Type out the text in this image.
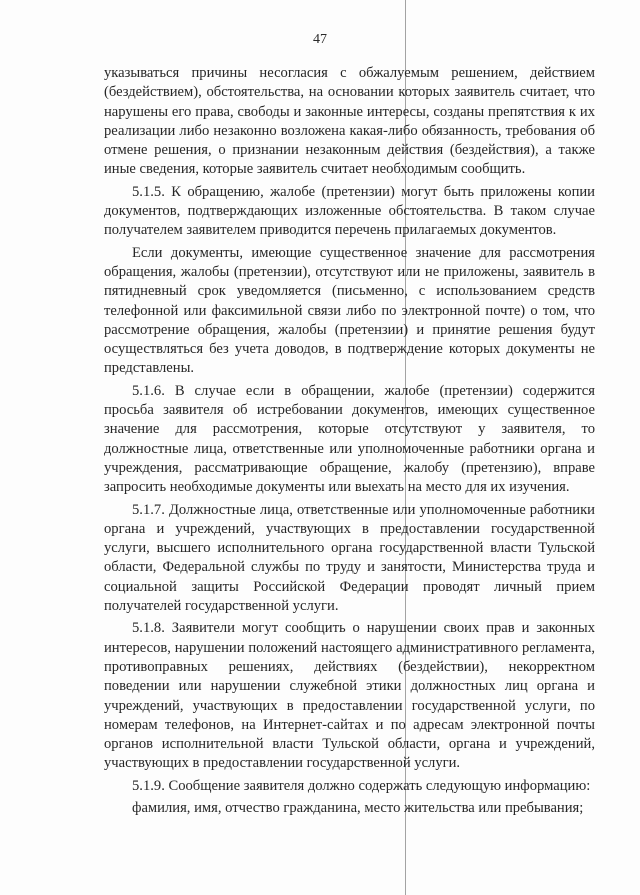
47

указываться причины несогласия с обжалуемым решением, действием (бездействием), обстоятельства, на основании которых заявитель считает, что нарушены его права, свободы и законные интересы, созданы препятствия к их реализации либо незаконно возложена какая-либо обязанность, требования об отмене решения, о признании незаконным действия (бездействия), а также иные сведения, которые заявитель считает необходимым сообщить.

5.1.5. К обращению, жалобе (претензии) могут быть приложены копии документов, подтверждающих изложенные обстоятельства. В таком случае получателем заявителем приводится перечень прилагаемых документов.

Если документы, имеющие существенное значение для рассмотрения обращения, жалобы (претензии), отсутствуют или не приложены, заявитель в пятидневный срок уведомляется (письменно, с использованием средств телефонной или факсимильной связи либо по электронной почте) о том, что рассмотрение обращения, жалобы (претензии) и принятие решения будут осуществляться без учета доводов, в подтверждение которых документы не представлены.

5.1.6. В случае если в обращении, жалобе (претензии) содержится просьба заявителя об истребовании документов, имеющих существенное значение для рассмотрения, которые отсутствуют у заявителя, то должностные лица, ответственные или уполномоченные работники органа и учреждения, рассматривающие обращение, жалобу (претензию), вправе запросить необходимые документы или выехать на место для их изучения.

5.1.7. Должностные лица, ответственные или уполномоченные работники органа и учреждений, участвующих в предоставлении государственной услуги, высшего исполнительного органа государственной власти Тульской области, Федеральной службы по труду и занятости, Министерства труда и социальной защиты Российской Федерации проводят личный прием получателей государственной услуги.

5.1.8. Заявители могут сообщить о нарушении своих прав и законных интересов, нарушении положений настоящего административного регламента, противоправных решениях, действиях (бездействии), некорректном поведении или нарушении служебной этики должностных лиц органа и учреждений, участвующих в предоставлении государственной услуги, по номерам телефонов, на Интернет-сайтах и по адресам электронной почты органов исполнительной власти Тульской области, органа и учреждений, участвующих в предоставлении государственной услуги.

5.1.9. Сообщение заявителя должно содержать следующую информацию:

фамилия, имя, отчество гражданина, место жительства или пребывания;
